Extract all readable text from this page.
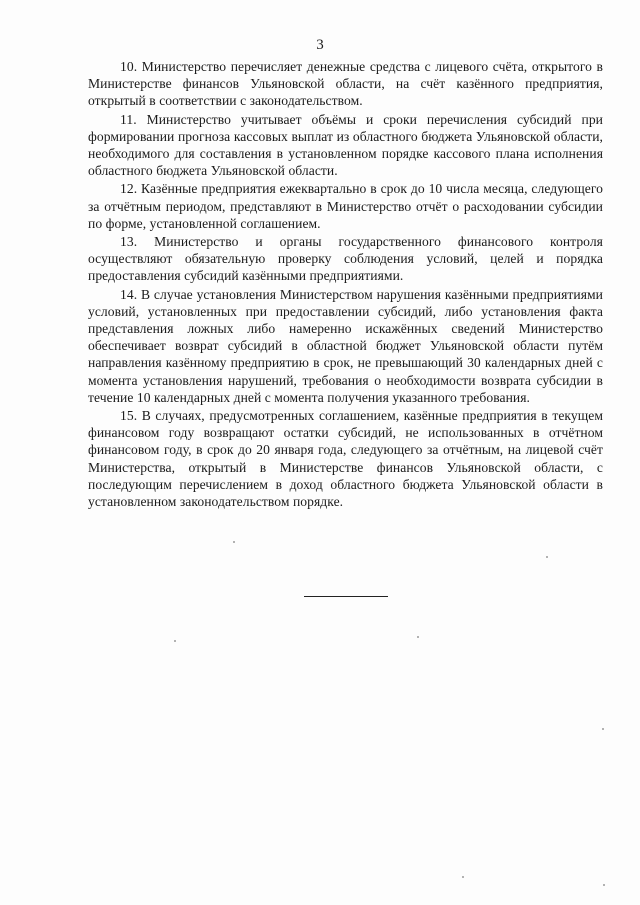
3

10. Министерство перечисляет денежные средства с лицевого счёта, открытого в Министерстве финансов Ульяновской области, на счёт казённого предприятия, открытый в соответствии с законодательством.

11. Министерство учитывает объёмы и сроки перечисления субсидий при формировании прогноза кассовых выплат из областного бюджета Ульяновской области, необходимого для составления в установленном порядке кассового плана исполнения областного бюджета Ульяновской области.

12. Казённые предприятия ежеквартально в срок до 10 числа месяца, следующего за отчётным периодом, представляют в Министерство отчёт о расходовании субсидии по форме, установленной соглашением.

13. Министерство и органы государственного финансового контроля осуществляют обязательную проверку соблюдения условий, целей и порядка предоставления субсидий казёнными предприятиями.

14. В случае установления Министерством нарушения казёнными предприятиями условий, установленных при предоставлении субсидий, либо установления факта представления ложных либо намеренно искажённых сведений Министерство обеспечивает возврат субсидий в областной бюджет Ульяновской области путём направления казённому предприятию в срок, не превышающий 30 календарных дней с момента установления нарушений, требования о необходимости возврата субсидии в течение 10 календарных дней с момента получения указанного требования.

15. В случаях, предусмотренных соглашением, казённые предприятия в текущем финансовом году возвращают остатки субсидий, не использованных в отчётном финансовом году, в срок до 20 января года, следующего за отчётным, на лицевой счёт Министерства, открытый в Министерстве финансов Ульяновской области, с последующим перечислением в доход областного бюджета Ульяновской области в установленном законодательством порядке.
